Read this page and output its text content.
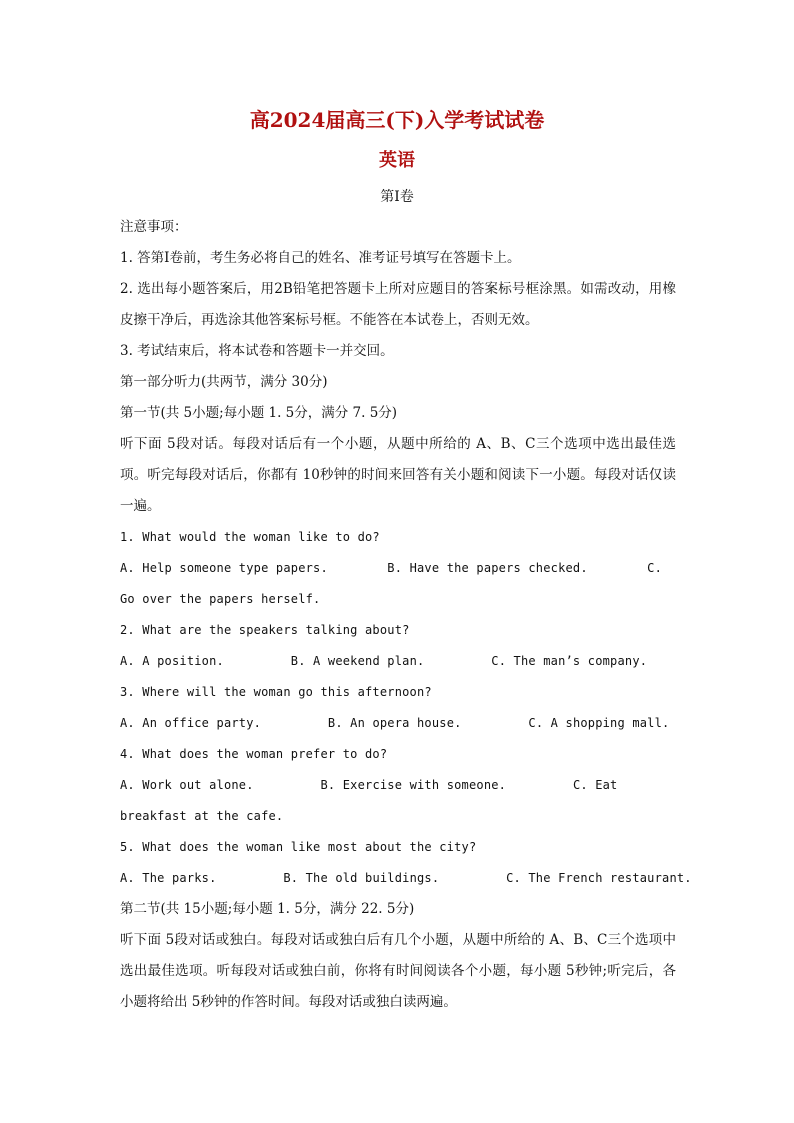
高2024届高三(下)入学考试试卷
英语
第Ⅰ卷
注意事项：
1. 答第Ⅰ卷前，考生务必将自己的姓名、准考证号填写在答题卡上。
2. 选出每小题答案后，用2B铅笔把答题卡上所对应题目的答案标号框涂黑。如需改动，用橡皮擦干净后，再选涂其他答案标号框。不能答在本试卷上，否则无效。
3. 考试结束后，将本试卷和答题卡一并交回。
第一部分听力(共两节，满分 30分)
第一节(共 5小题;每小题 1. 5分，满分 7. 5分)
听下面 5段对话。每段对话后有一个小题，从题中所给的 A、B、C三个选项中选出最佳选项。听完每段对话后，你都有 10秒钟的时间来回答有关小题和阅读下一小题。每段对话仅读一遍。
1. What would the woman like to do?
A. Help someone type papers.	B. Have the papers checked.	C. Go over the papers herself.
2. What are the speakers talking about?
A. A position.	B. A weekend plan.	C. The man’s company.
3. Where will the woman go this afternoon?
A. An office party.	B. An opera house.	C. A shopping mall.
4. What does the woman prefer to do?
A. Work out alone.	B. Exercise with someone.	C. Eat breakfast at the cafe.
5. What does the woman like most about the city?
A. The parks.	B. The old buildings.	C. The French restaurant.
第二节(共 15小题;每小题 1. 5分，满分 22. 5分)
听下面 5段对话或独白。每段对话或独白后有几个小题，从题中所给的 A、B、C三个选项中选出最佳选项。听每段对话或独白前，你将有时间阅读各个小题，每小题 5秒钟;听完后，各小题将给出 5秒钟的作答时间。每段对话或独白读两遍。
